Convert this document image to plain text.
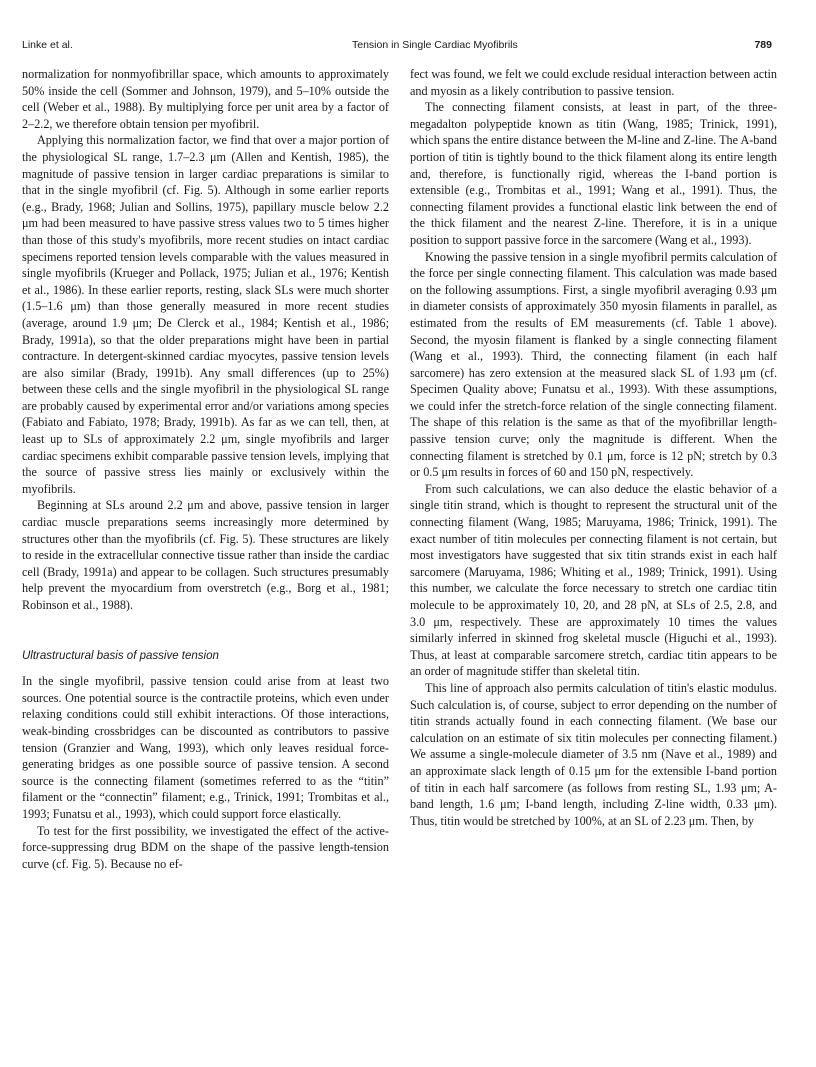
Linke et al.	Tension in Single Cardiac Myofibrils	789

normalization for nonmyofibrillar space, which amounts to approximately 50% inside the cell (Sommer and Johnson, 1979), and 5–10% outside the cell (Weber et al., 1988). By multiplying force per unit area by a factor of 2–2.2, we therefore obtain tension per myofibril.

Applying this normalization factor, we find that over a major portion of the physiological SL range, 1.7–2.3 μm (Allen and Kentish, 1985), the magnitude of passive tension in larger cardiac preparations is similar to that in the single myofibril (cf. Fig. 5). Although in some earlier reports (e.g., Brady, 1968; Julian and Sollins, 1975), papillary muscle below 2.2 μm had been measured to have passive stress values two to 5 times higher than those of this study's myofibrils, more recent studies on intact cardiac specimens reported tension levels comparable with the values measured in single myofibrils (Krueger and Pollack, 1975; Julian et al., 1976; Kentish et al., 1986). In these earlier reports, resting, slack SLs were much shorter (1.5–1.6 μm) than those generally measured in more recent studies (average, around 1.9 μm; De Clerck et al., 1984; Kentish et al., 1986; Brady, 1991a), so that the older preparations might have been in partial contracture. In detergent-skinned cardiac myocytes, passive tension levels are also similar (Brady, 1991b). Any small differences (up to 25%) between these cells and the single myofibril in the physiological SL range are probably caused by experimental error and/or variations among species (Fabiato and Fabiato, 1978; Brady, 1991b). As far as we can tell, then, at least up to SLs of approximately 2.2 μm, single myofibrils and larger cardiac specimens exhibit comparable passive tension levels, implying that the source of passive stress lies mainly or exclusively within the myofibrils.

Beginning at SLs around 2.2 μm and above, passive tension in larger cardiac muscle preparations seems increasingly more determined by structures other than the myofibrils (cf. Fig. 5). These structures are likely to reside in the extracellular connective tissue rather than inside the cardiac cell (Brady, 1991a) and appear to be collagen. Such structures presumably help prevent the myocardium from overstretch (e.g., Borg et al., 1981; Robinson et al., 1988).

Ultrastructural basis of passive tension

In the single myofibril, passive tension could arise from at least two sources. One potential source is the contractile proteins, which even under relaxing conditions could still exhibit interactions. Of those interactions, weak-binding crossbridges can be discounted as contributors to passive tension (Granzier and Wang, 1993), which only leaves residual force-generating bridges as one possible source of passive tension. A second source is the connecting filament (sometimes referred to as the “titin” filament or the “connectin” filament; e.g., Trinick, 1991; Trombitas et al., 1993; Funatsu et al., 1993), which could support force elastically.

To test for the first possibility, we investigated the effect of the active-force-suppressing drug BDM on the shape of the passive length-tension curve (cf. Fig. 5). Because no ef-

fect was found, we felt we could exclude residual interaction between actin and myosin as a likely contribution to passive tension.

The connecting filament consists, at least in part, of the three-megadalton polypeptide known as titin (Wang, 1985; Trinick, 1991), which spans the entire distance between the M-line and Z-line. The A-band portion of titin is tightly bound to the thick filament along its entire length and, therefore, is functionally rigid, whereas the I-band portion is extensible (e.g., Trombitas et al., 1991; Wang et al., 1991). Thus, the connecting filament provides a functional elastic link between the end of the thick filament and the nearest Z-line. Therefore, it is in a unique position to support passive force in the sarcomere (Wang et al., 1993).

Knowing the passive tension in a single myofibril permits calculation of the force per single connecting filament. This calculation was made based on the following assumptions. First, a single myofibril averaging 0.93 μm in diameter consists of approximately 350 myosin filaments in parallel, as estimated from the results of EM measurements (cf. Table 1 above). Second, the myosin filament is flanked by a single connecting filament (Wang et al., 1993). Third, the connecting filament (in each half sarcomere) has zero extension at the measured slack SL of 1.93 μm (cf. Specimen Quality above; Funatsu et al., 1993). With these assumptions, we could infer the stretch-force relation of the single connecting filament. The shape of this relation is the same as that of the myofibrillar length-passive tension curve; only the magnitude is different. When the connecting filament is stretched by 0.1 μm, force is 12 pN; stretch by 0.3 or 0.5 μm results in forces of 60 and 150 pN, respectively.

From such calculations, we can also deduce the elastic behavior of a single titin strand, which is thought to represent the structural unit of the connecting filament (Wang, 1985; Maruyama, 1986; Trinick, 1991). The exact number of titin molecules per connecting filament is not certain, but most investigators have suggested that six titin strands exist in each half sarcomere (Maruyama, 1986; Whiting et al., 1989; Trinick, 1991). Using this number, we calculate the force necessary to stretch one cardiac titin molecule to be approximately 10, 20, and 28 pN, at SLs of 2.5, 2.8, and 3.0 μm, respectively. These are approximately 10 times the values similarly inferred in skinned frog skeletal muscle (Higuchi et al., 1993). Thus, at least at comparable sarcomere stretch, cardiac titin appears to be an order of magnitude stiffer than skeletal titin.

This line of approach also permits calculation of titin's elastic modulus. Such calculation is, of course, subject to error depending on the number of titin strands actually found in each connecting filament. (We base our calculation on an estimate of six titin molecules per connecting filament.) We assume a single-molecule diameter of 3.5 nm (Nave et al., 1989) and an approximate slack length of 0.15 μm for the extensible I-band portion of titin in each half sarcomere (as follows from resting SL, 1.93 μm; A-band length, 1.6 μm; I-band length, including Z-line width, 0.33 μm). Thus, titin would be stretched by 100%, at an SL of 2.23 μm. Then, by
